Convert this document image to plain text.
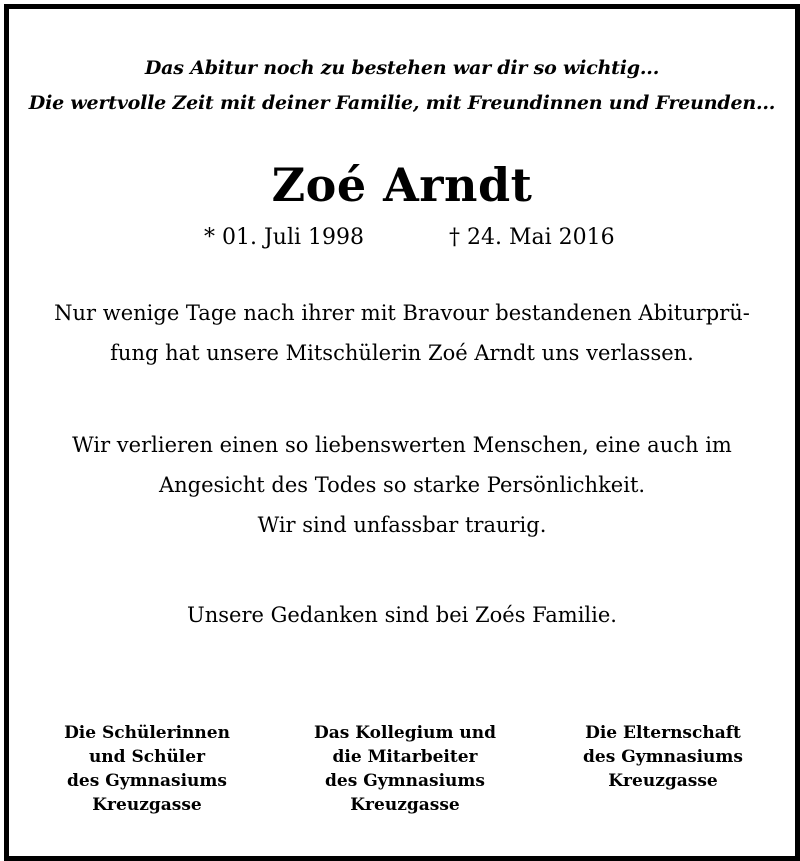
Das Abitur noch zu bestehen war dir so wichtig...
Die wertvolle Zeit mit deiner Familie, mit Freundinnen und Freunden...
Zoé Arndt
* 01. Juli 1998	† 24. Mai 2016
Nur wenige Tage nach ihrer mit Bravour bestandenen Abiturprü-
fung hat unsere Mitschülerin Zoé Arndt uns verlassen.
Wir verlieren einen so liebenswerten Menschen, eine auch im
Angesicht des Todes so starke Persönlichkeit.
Wir sind unfassbar traurig.
Unsere Gedanken sind bei Zoés Familie.
Die Schülerinnen
und Schüler
des Gymnasiums
Kreuzgasse
Das Kollegium und
die Mitarbeiter
des Gymnasiums
Kreuzgasse
Die Elternschaft
des Gymnasiums
Kreuzgasse
